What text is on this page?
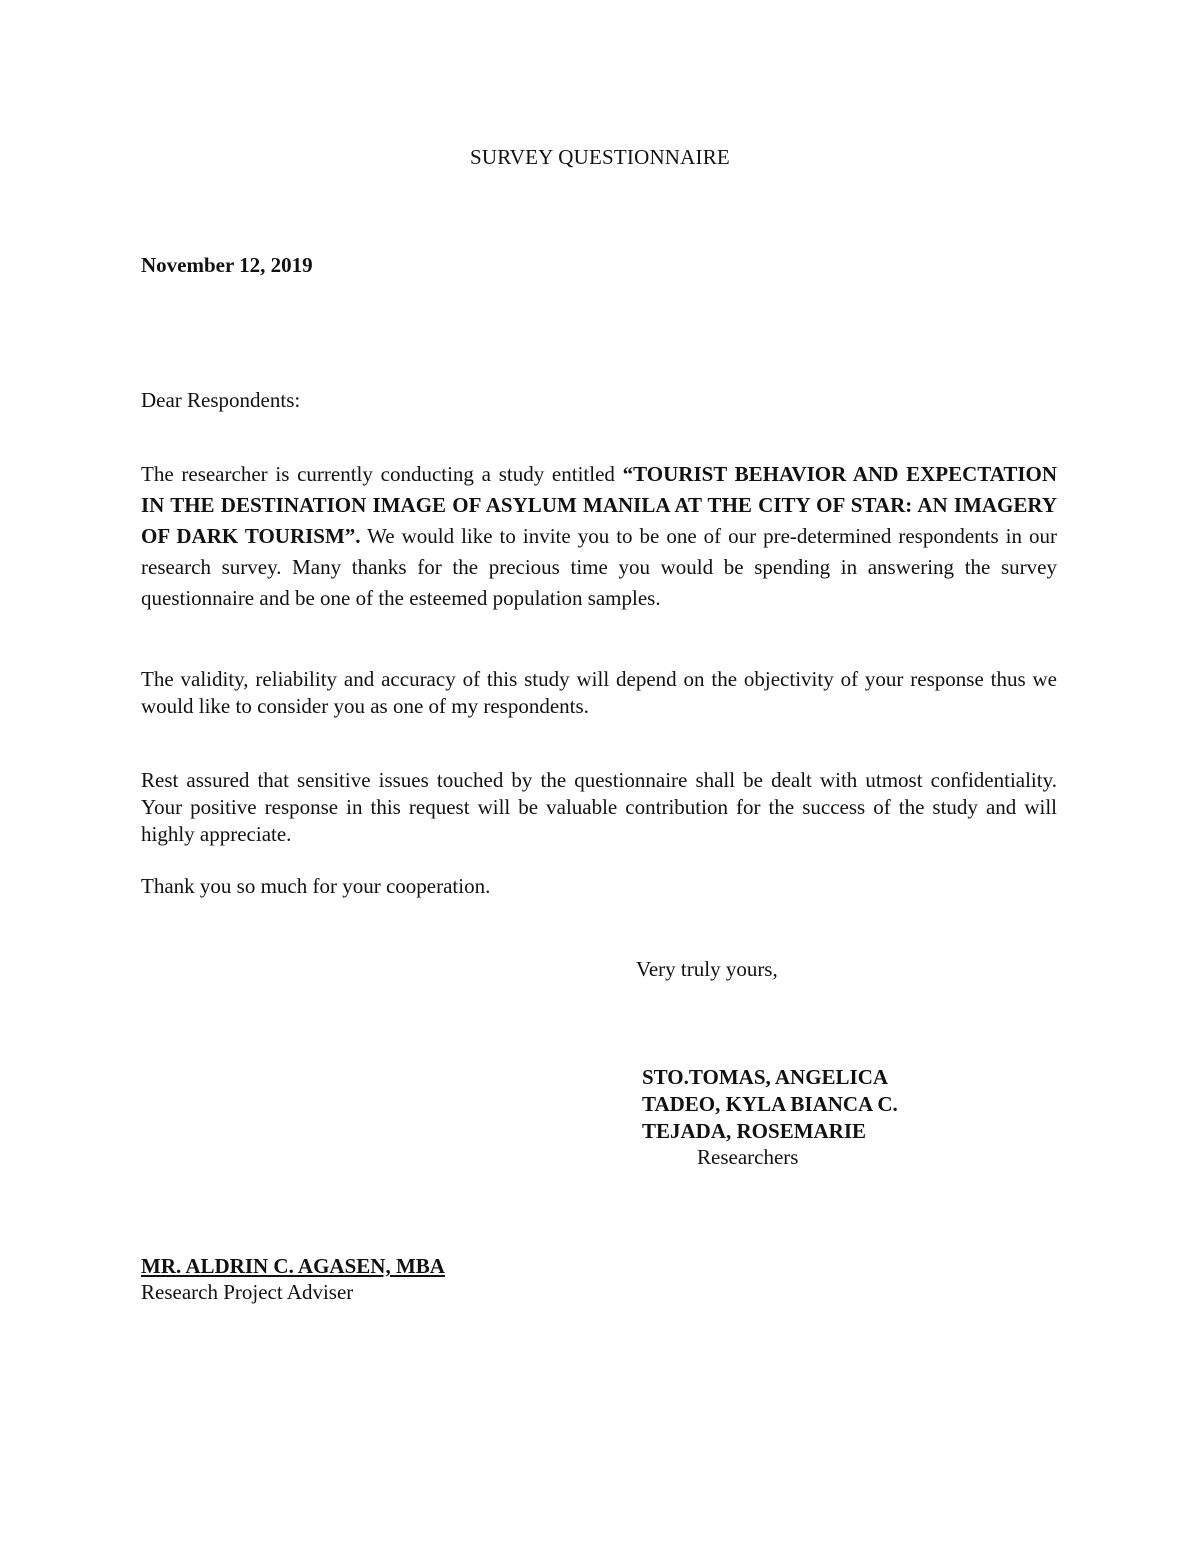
SURVEY QUESTIONNAIRE
November 12, 2019
Dear Respondents:
The researcher is currently conducting a study entitled “TOURIST BEHAVIOR AND EXPECTATION IN THE DESTINATION IMAGE OF ASYLUM MANILA AT THE CITY OF STAR: AN IMAGERY OF DARK TOURISM”. We would like to invite you to be one of our pre-determined respondents in our research survey. Many thanks for the precious time you would be spending in answering the survey questionnaire and be one of the esteemed population samples.
The validity, reliability and accuracy of this study will depend on the objectivity of your response thus we would like to consider you as one of my respondents.
Rest assured that sensitive issues touched by the questionnaire shall be dealt with utmost confidentiality. Your positive response in this request will be valuable contribution for the success of the study and will highly appreciate.
Thank you so much for your cooperation.
Very truly yours,
STO.TOMAS, ANGELICA
TADEO, KYLA BIANCA C.
TEJADA, ROSEMARIE
Researchers
MR. ALDRIN C. AGASEN, MBA
Research Project Adviser
